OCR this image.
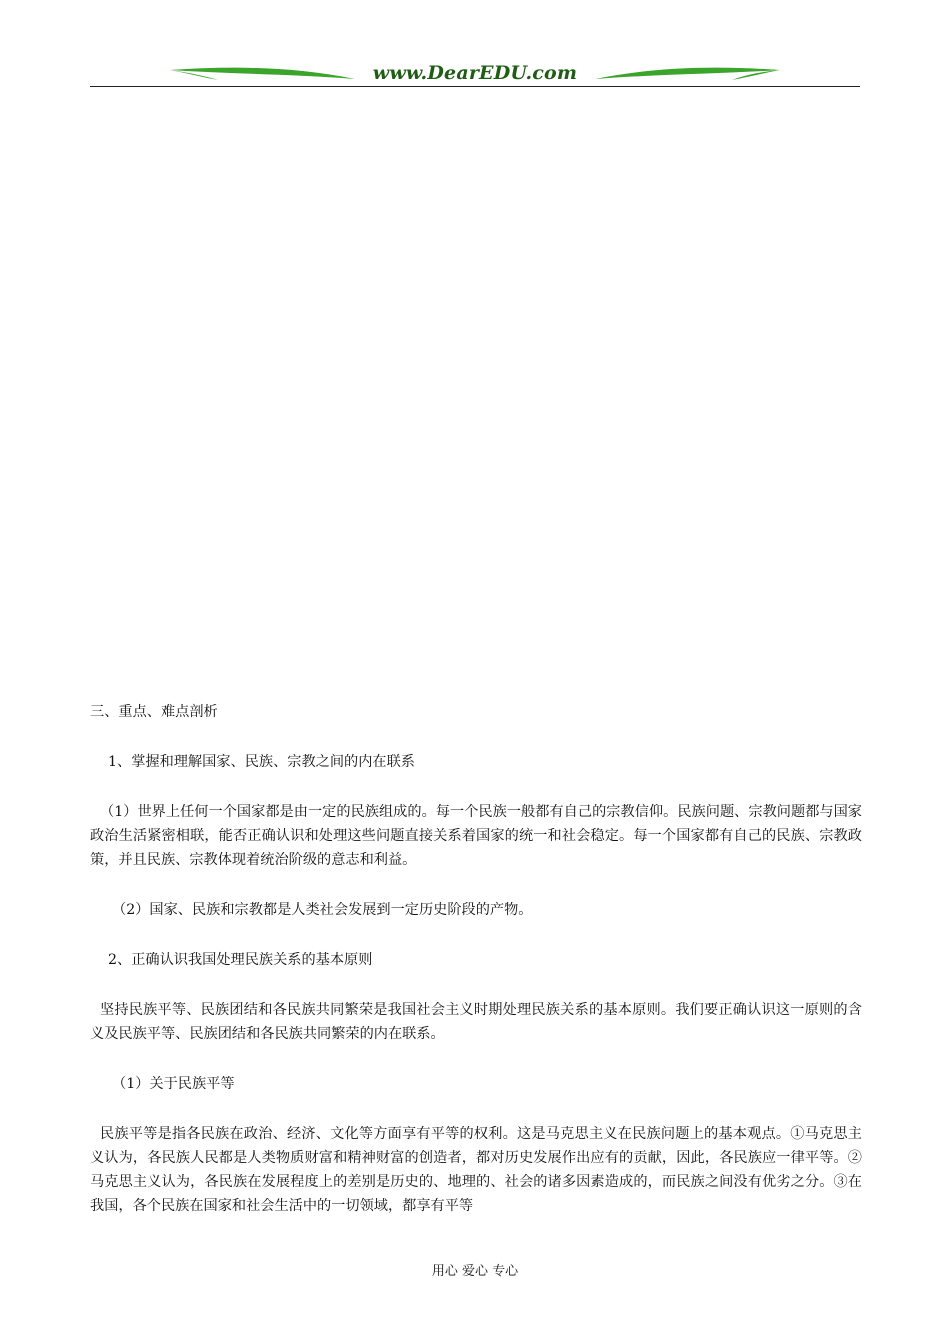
www.DearEDU.com

三、重点、难点剖析

1、掌握和理解国家、民族、宗教之间的内在联系

（1）世界上任何一个国家都是由一定的民族组成的。每一个民族一般都有自己的宗教信仰。民族问题、宗教问题都与国家政治生活紧密相联，能否正确认识和处理这些问题直接关系着国家的统一和社会稳定。每一个国家都有自己的民族、宗教政策，并且民族、宗教体现着统治阶级的意志和利益。

（2）国家、民族和宗教都是人类社会发展到一定历史阶段的产物。

2、正确认识我国处理民族关系的基本原则

坚持民族平等、民族团结和各民族共同繁荣是我国社会主义时期处理民族关系的基本原则。我们要正确认识这一原则的含义及民族平等、民族团结和各民族共同繁荣的内在联系。

（1）关于民族平等

民族平等是指各民族在政治、经济、文化等方面享有平等的权利。这是马克思主义在民族问题上的基本观点。①马克思主义认为，各民族人民都是人类物质财富和精神财富的创造者，都对历史发展作出应有的贡献，因此，各民族应一律平等。②马克思主义认为，各民族在发展程度上的差别是历史的、地理的、社会的诸多因素造成的，而民族之间没有优劣之分。③在我国，各个民族在国家和社会生活中的一切领域，都享有平等

用心 爱心 专心
